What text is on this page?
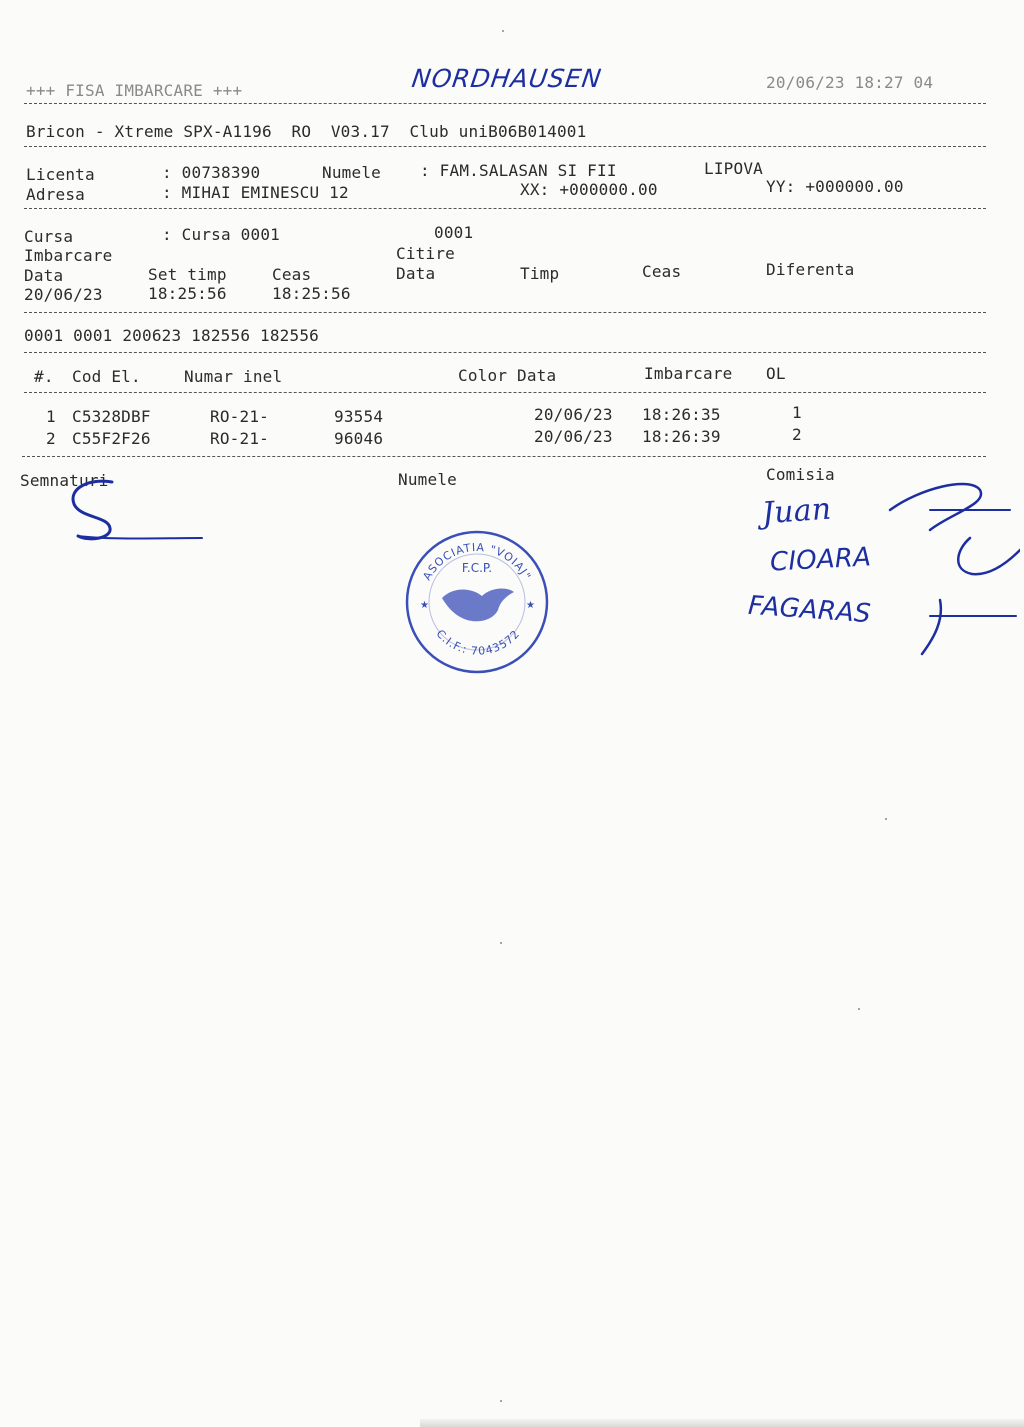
+++ FISA IMBARCARE +++	NORDHAUSEN	20/06/23 18:27 04
Bricon - Xtreme SPX-A1196  RO  V03.17  Club uniB06B014001
Licenta	: 00738390	Numele : FAM.SALASAN SI FII	LIPOVA
Adresa	: MIHAI EMINESCU 12	XX: +000000.00	YY: +000000.00
Cursa	: Cursa 0001	0001
Imbarcare	Citire
Data	Set timp	Ceas	Data	Timp	Ceas	Diferenta
20/06/23	18:25:56	18:25:56
0001 0001 200623 182556 182556
#. Cod El.	Numar inel	Color Data	Imbarcare OL
1 C5328DBF	RO-21-	93554	20/06/23 18:26:35	1
2 C55F2F26	RO-21-	96046	20/06/23 18:26:39	2
Semnaturi	Numele	Comisia
Juan
CIOARA
FAGARAS
ASOCIATIA "VOIAJ"
C.I.F.: 7043572
F.C.P.
★	★
